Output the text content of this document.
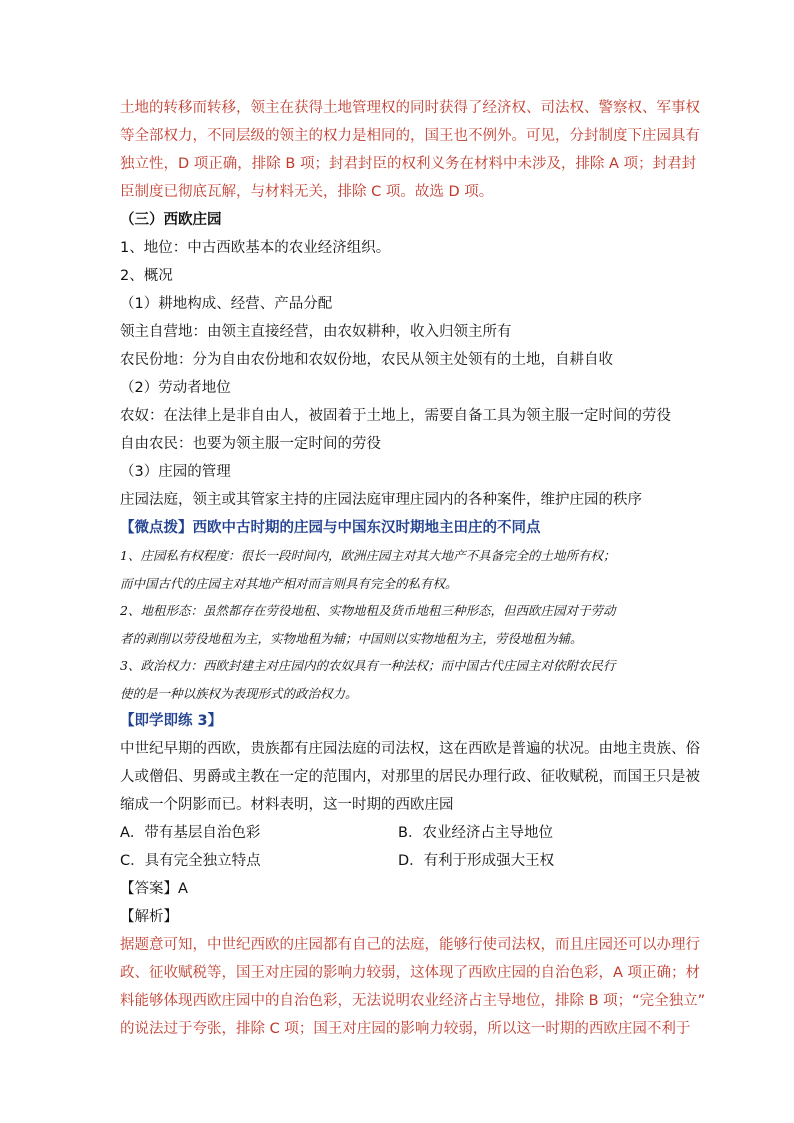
土地的转移而转移，领主在获得土地管理权的同时获得了经济权、司法权、警察权、军事权
等全部权力，不同层级的领主的权力是相同的，国王也不例外。可见，分封制度下庄园具有
独立性，D 项正确，排除 B 项；封君封臣的权利义务在材料中未涉及，排除 A 项；封君封
臣制度已彻底瓦解，与材料无关，排除 C 项。故选 D 项。
（三）西欧庄园
1、地位：中古西欧基本的农业经济组织。
2、概况
（1）耕地构成、经营、产品分配
领主自营地：由领主直接经营，由农奴耕种，收入归领主所有
农民份地：分为自由农份地和农奴份地，农民从领主处领有的土地，自耕自收
（2）劳动者地位
农奴：在法律上是非自由人，被固着于土地上，需要自备工具为领主服一定时间的劳役
自由农民：也要为领主服一定时间的劳役
（3）庄园的管理
庄园法庭，领主或其管家主持的庄园法庭审理庄园内的各种案件，维护庄园的秩序
【微点拨】西欧中古时期的庄园与中国东汉时期地主田庄的不同点
1、庄园私有权程度：很长一段时间内，欧洲庄园主对其大地产不具备完全的土地所有权；
而中国古代的庄园主对其地产相对而言则具有完全的私有权。
2、地租形态：虽然都存在劳役地租、实物地租及货币地租三种形态，但西欧庄园对于劳动
者的剥削以劳役地租为主，实物地租为辅；中国则以实物地租为主，劳役地租为辅。
3、政治权力：西欧封建主对庄园内的农奴具有一种法权；而中国古代庄园主对依附农民行
使的是一种以族权为表现形式的政治权力。
【即学即练 3】
中世纪早期的西欧，贵族都有庄园法庭的司法权，这在西欧是普遍的状况。由地主贵族、俗
人或僧侣、男爵或主教在一定的范围内，对那里的居民办理行政、征收赋税，而国王只是被
缩成一个阴影而已。材料表明，这一时期的西欧庄园
A．带有基层自治色彩	B．农业经济占主导地位
C．具有完全独立特点	D．有利于形成强大王权
【答案】A
【解析】
据题意可知，中世纪西欧的庄园都有自己的法庭，能够行使司法权，而且庄园还可以办理行
政、征收赋税等，国王对庄园的影响力较弱，这体现了西欧庄园的自治色彩，A 项正确；材
料能够体现西欧庄园中的自治色彩，无法说明农业经济占主导地位，排除 B 项；“完全独立”
的说法过于夸张，排除 C 项；国王对庄园的影响力较弱，所以这一时期的西欧庄园不利于
